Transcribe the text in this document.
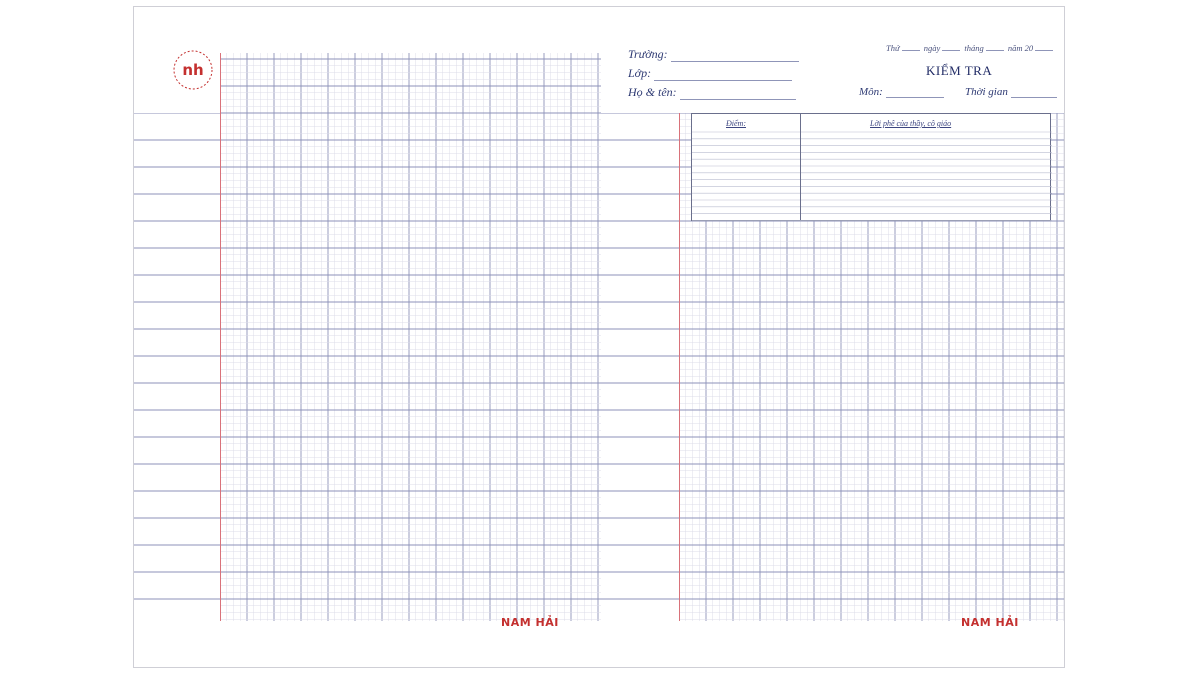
nh
Trường:
Lớp:
Họ & tên:
Thứ	ngày	tháng	năm 20
KIỂM TRA
Môn:	Thời gian
Điểm:	Lời phê của thầy, cô giáo
NAM HẢI	NAM HẢI
